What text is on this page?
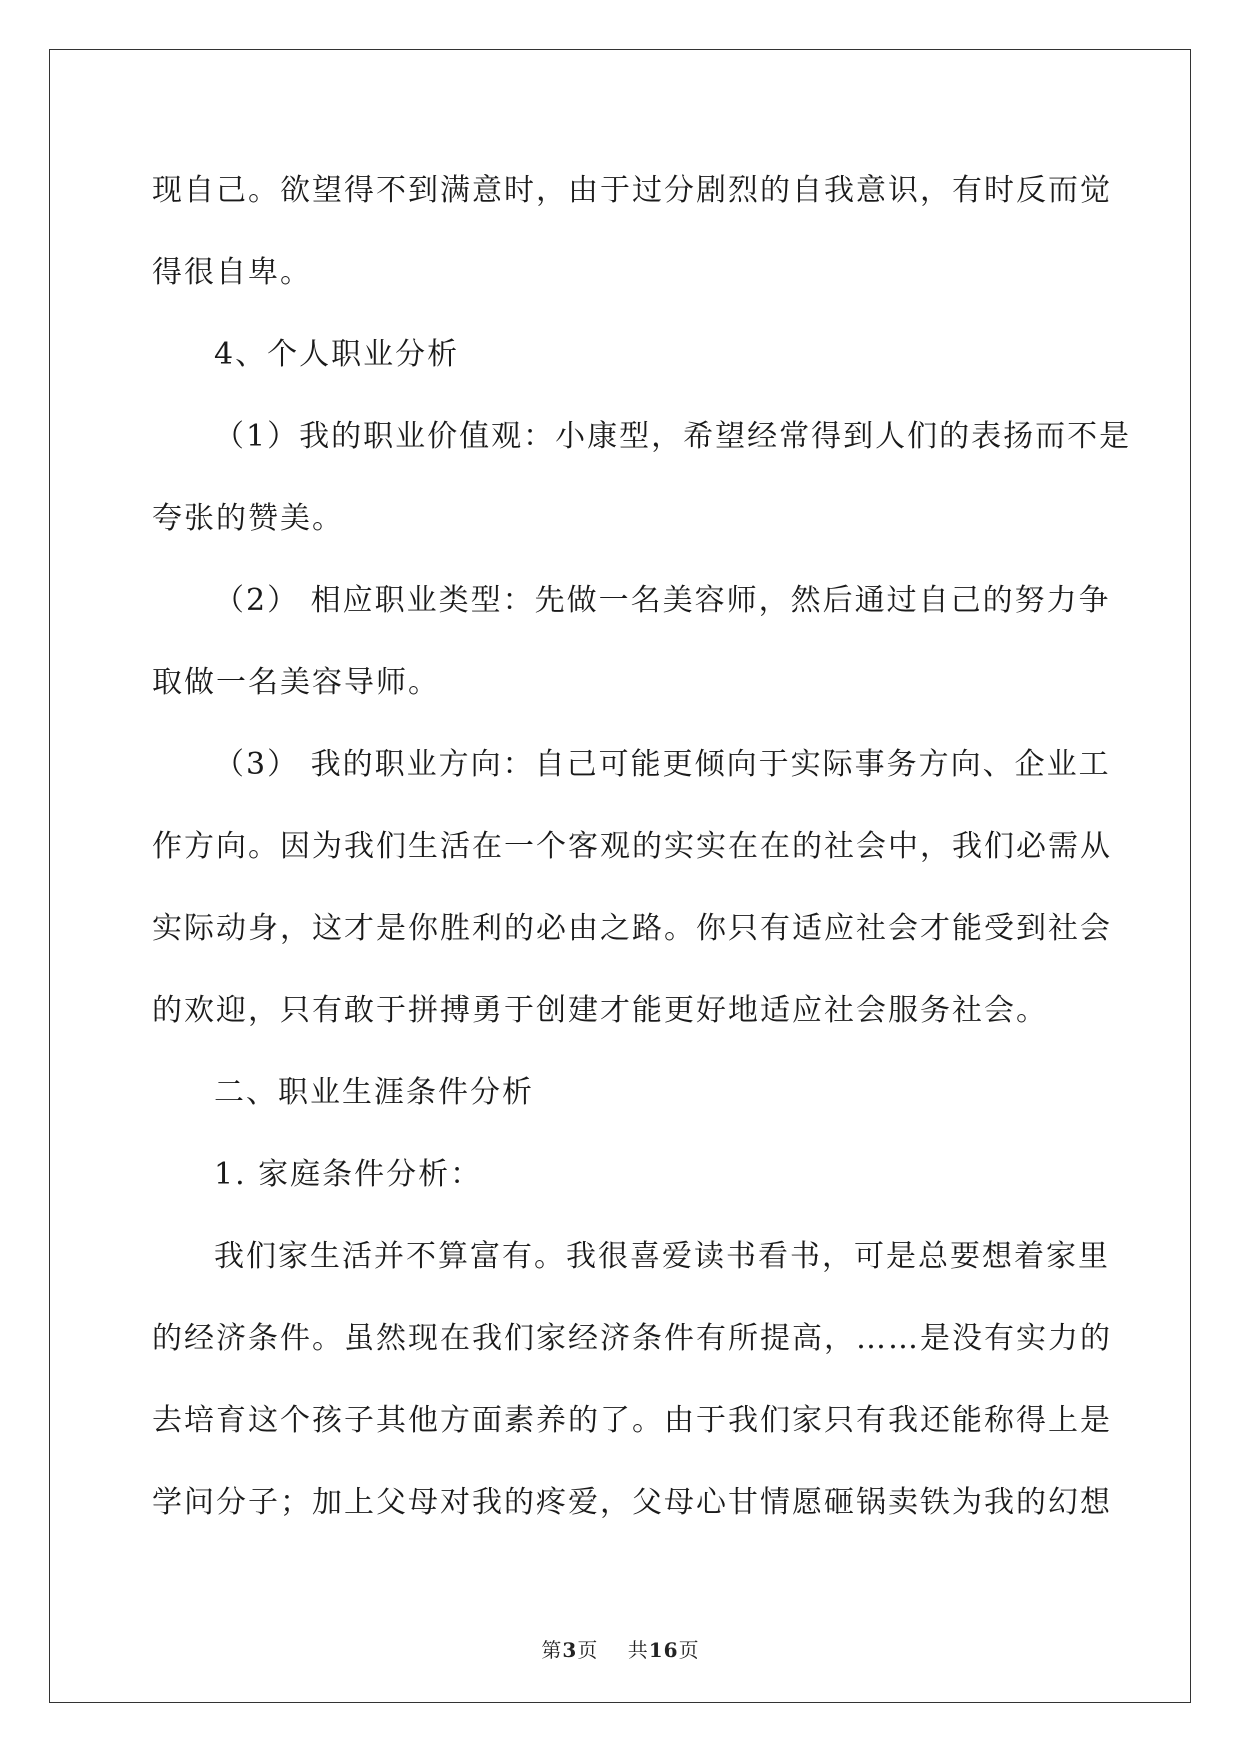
现自己。欲望得不到满意时，由于过分剧烈的自我意识，有时反而觉
得很自卑。
4、个人职业分析
（1）我的职业价值观：小康型，希望经常得到人们的表扬而不是
夸张的赞美。
（2） 相应职业类型：先做一名美容师，然后通过自己的努力争
取做一名美容导师。
（3） 我的职业方向：自己可能更倾向于实际事务方向、企业工
作方向。因为我们生活在一个客观的实实在在的社会中，我们必需从
实际动身，这才是你胜利的必由之路。你只有适应社会才能受到社会
的欢迎，只有敢于拼搏勇于创建才能更好地适应社会服务社会。
二、职业生涯条件分析
1. 家庭条件分析：
我们家生活并不算富有。我很喜爱读书看书，可是总要想着家里
的经济条件。虽然现在我们家经济条件有所提高，……是没有实力的
去培育这个孩子其他方面素养的了。由于我们家只有我还能称得上是
学问分子；加上父母对我的疼爱，父母心甘情愿砸锅卖铁为我的幻想
第3页 共16页
